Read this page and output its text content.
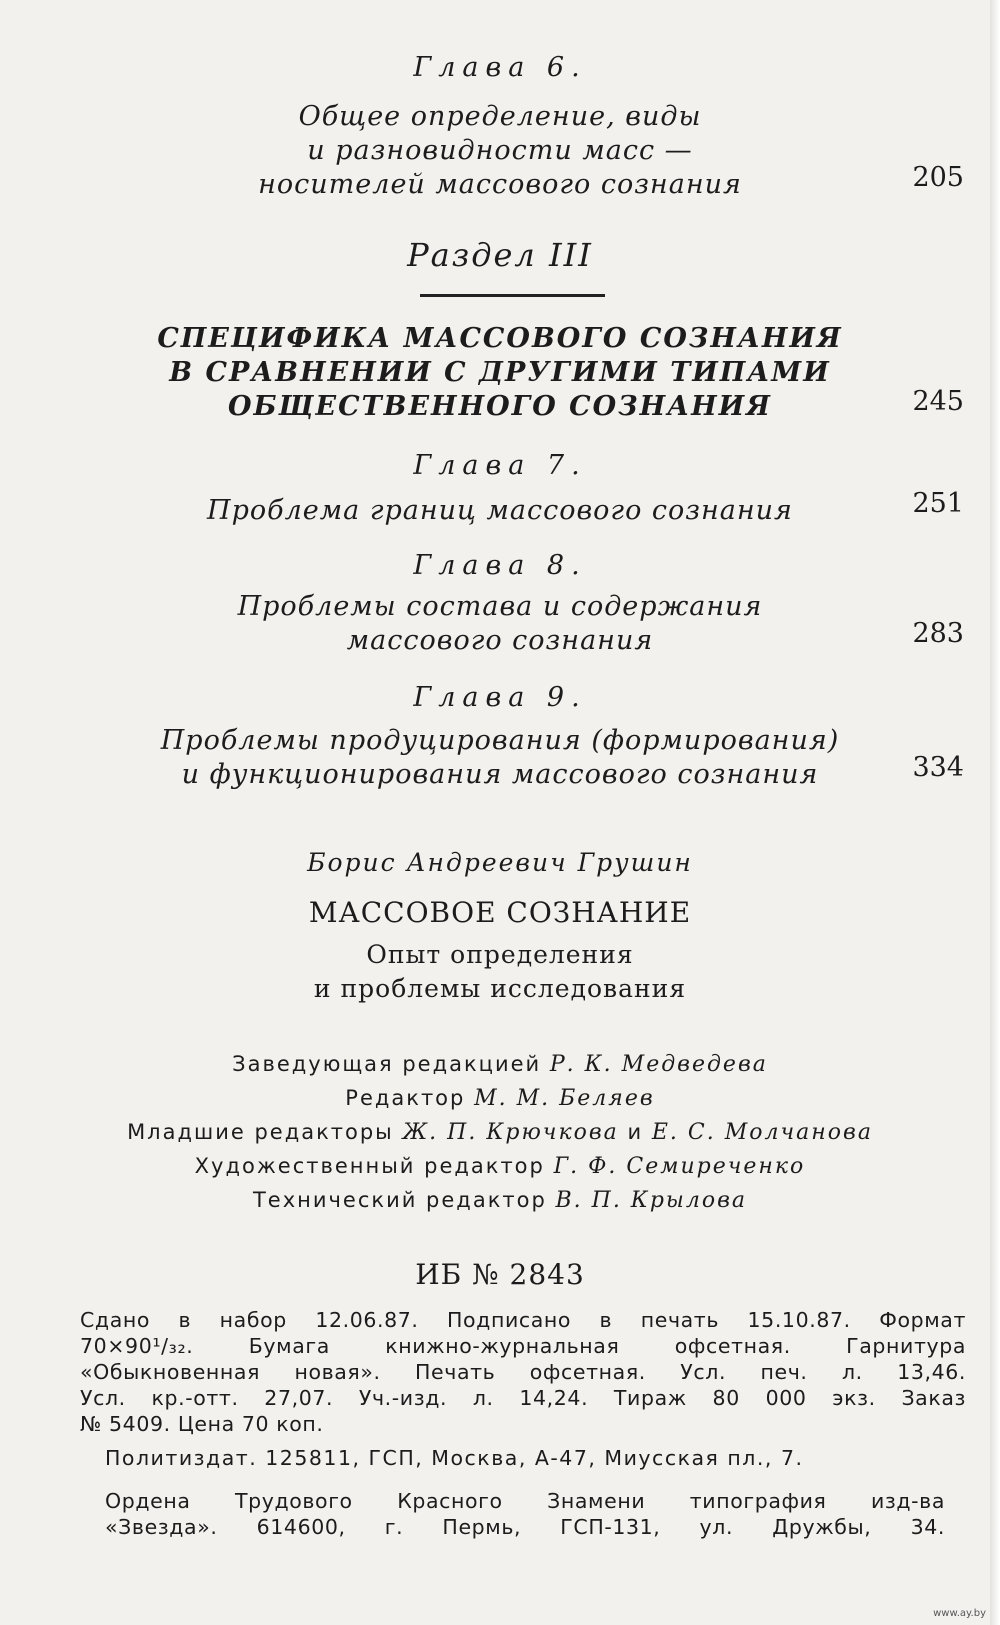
Глава 6.
Общее определение, виды
и разновидности масс —
носителей массового сознания	205
Раздел III
СПЕЦИФИКА МАССОВОГО СОЗНАНИЯ
В СРАВНЕНИИ С ДРУГИМИ ТИПАМИ
ОБЩЕСТВЕННОГО СОЗНАНИЯ	245
Глава 7.
Проблема границ массового сознания	251
Глава 8.
Проблемы состава и содержания
массового сознания	283
Глава 9.
Проблемы продуцирования (формирования)
и функционирования массового сознания	334
Борис Андреевич Грушин
МАССОВОЕ СОЗНАНИЕ
Опыт определения
и проблемы исследования
Заведующая редакцией Р. К. Медведева
Редактор М. М. Беляев
Младшие редакторы Ж. П. Крючкова и Е. С. Молчанова
Художественный редактор Г. Ф. Семиреченко
Технический редактор В. П. Крылова
ИБ № 2843
Сдано в набор 12.06.87. Подписано в печать 15.10.87. Формат
70×90¹/₃₂. Бумага книжно-журнальная офсетная. Гарнитура
«Обыкновенная новая». Печать офсетная. Усл. печ. л. 13,46.
Усл. кр.-отт. 27,07. Уч.-изд. л. 14,24. Тираж 80 000 экз. Заказ
№ 5409. Цена 70 коп.
Политиздат. 125811, ГСП, Москва, А-47, Миусская пл., 7.
Ордена Трудового Красного Знамени типография изд-ва
«Звезда». 614600, г. Пермь, ГСП-131, ул. Дружбы, 34.
www.ay.by
